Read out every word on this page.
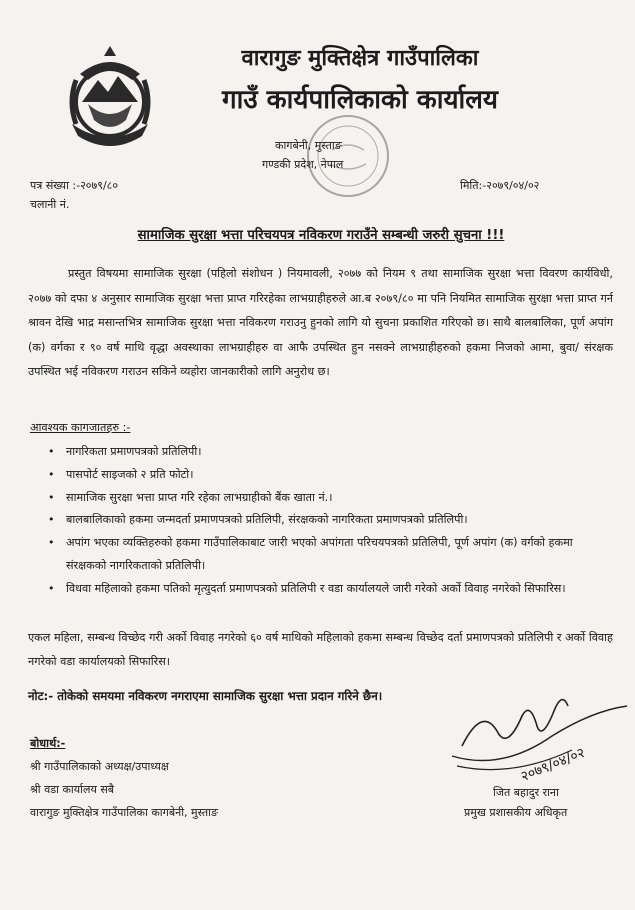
वारागुङ मुक्तिक्षेत्र गाउँपालिका
गाउँ कार्यपालिकाको कार्यालय
कागबेनी, मुस्ताङ
गण्डकी प्रदेश, नेपाल
पत्र संख्या :-२०७९/८०
चलानी नं.
मिति:-२०७९/०४/०२
सामाजिक सुरक्षा भत्ता परिचयपत्र नविकरण गराउँने सम्बन्धी जरुरी सुचना !!!
प्रस्तुत विषयमा सामाजिक सुरक्षा (पहिलो संशोधन ) नियमावली, २०७७ को नियम ९ तथा सामाजिक सुरक्षा भत्ता विवरण कार्यविधी, २०७७ को दफा ४ अनुसार सामाजिक सुरक्षा भत्ता प्राप्त गरिरहेका लाभग्राहीहरुले आ.ब २०७९/८० मा पनि नियमित सामाजिक सुरक्षा भत्ता प्राप्त गर्न श्रावन देखि भाद्र मसान्तभित्र सामाजिक सुरक्षा भत्ता नविकरण गराउनु हुनको लागि यो सुचना प्रकाशित गरिएको छ। साथै बालबालिका, पूर्ण अपांग (क) वर्गका र ९० वर्ष माथि वृद्धा अवस्थाका लाभग्राहीहरु वा आफै उपस्थित हुन नसक्ने लाभग्राहीहरुको हकमा निजको आमा, बुवा/ संरक्षक उपस्थित भई नविकरण गराउन सकिने व्यहोरा जानकारीको लागि अनुरोध छ।
आवश्यक कागजातहरु :-
• नागरिकता प्रमाणपत्रको प्रतिलिपी।
• पासपोर्ट साइजको २ प्रति फोटो।
• सामाजिक सुरक्षा भत्ता प्राप्त गरि रहेका लाभग्राहीको बैंक खाता नं.।
• बालबालिकाको हकमा जन्मदर्ता प्रमाणपत्रको प्रतिलिपी, संरक्षकको नागरिकता प्रमाणपत्रको प्रतिलिपी।
• अपांग भएका व्यक्तिहरुको हकमा गाउँपालिकाबाट जारी भएको अपांगता परिचयपत्रको प्रतिलिपी, पूर्ण अपांग (क) वर्गको हकमा संरक्षकको नागरिकताको प्रतिलिपी।
• विधवा महिलाको हकमा पतिको मृत्युदर्ता प्रमाणपत्रको प्रतिलिपी र वडा कार्यालयले जारी गरेको अर्को विवाह नगरेको सिफारिस।
एकल महिला, सम्बन्ध विच्छेद गरी अर्को विवाह नगरेको ६० वर्ष माथिको महिलाको हकमा सम्बन्ध विच्छेद दर्ता प्रमाणपत्रको प्रतिलिपी र अर्को विवाह नगरेको वडा कार्यालयको सिफारिस।
नोट:- तोकेको समयमा नविकरण नगराएमा सामाजिक सुरक्षा भत्ता प्रदान गरिने छैन।
२०७९/०४/०२
जित बहादुर राना
प्रमुख प्रशासकीय अधिकृत
बोधार्थ:-
श्री गाउँपालिकाको अध्यक्ष/उपाध्यक्ष
श्री वडा कार्यालय सबै
वारागुङ मुक्तिक्षेत्र गाउँपालिका कागबेनी, मुस्ताङ
